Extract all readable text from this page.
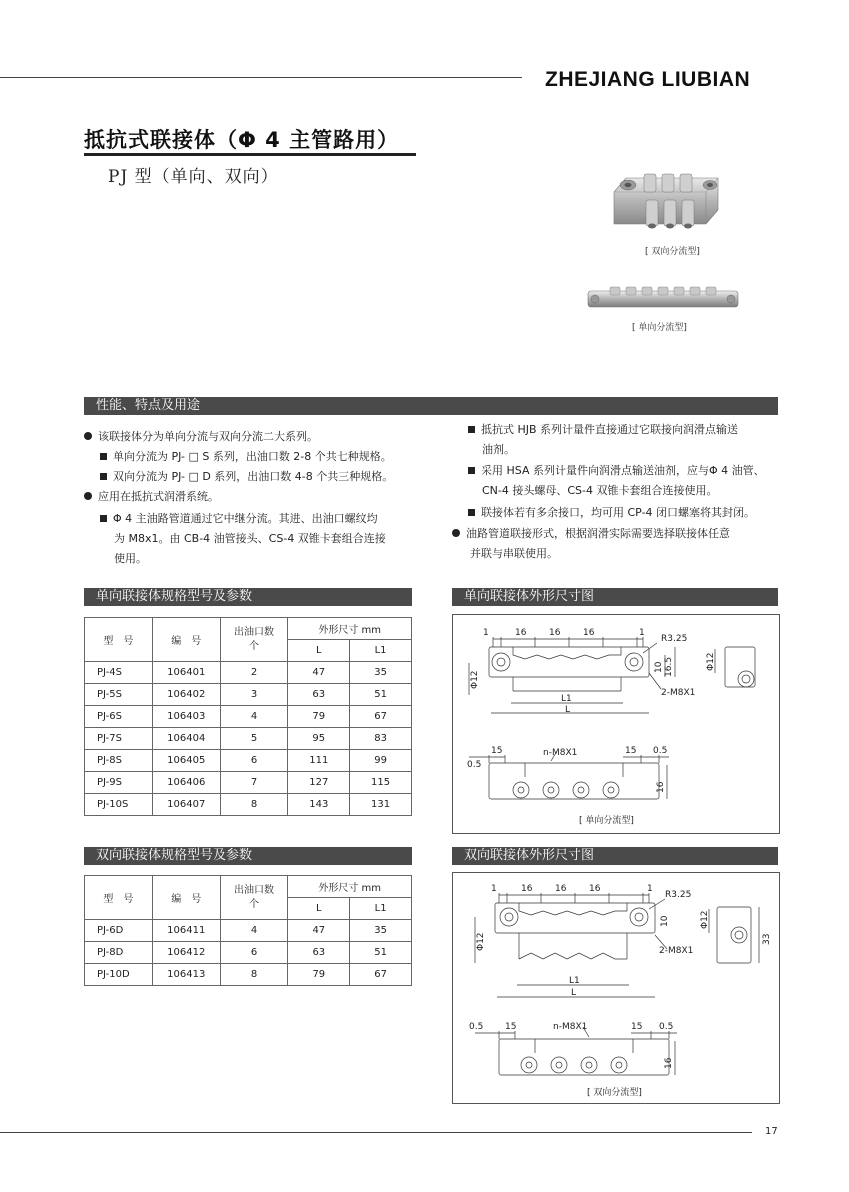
ZHEJIANG LIUBIAN
抵抗式联接体（Φ 4 主管路用）
PJ 型（单向、双向）
[ 双向分流型]
[ 单向分流型]
性能、特点及用途
该联接体分为单向分流与双向分流二大系列。
单向分流为 PJ- □ S 系列，出油口数 2-8 个共七种规格。
双向分流为 PJ- □ D 系列，出油口数 4-8 个共三种规格。
应用在抵抗式润滑系统。
Φ 4 主油路管道通过它中继分流。其进、出油口螺纹均
为 M8x1。由 CB-4 油管接头、CS-4 双锥卡套组合连接
使用。
抵抗式 HJB 系列计量件直接通过它联接向润滑点输送
油剂。
采用 HSA 系列计量件向润滑点输送油剂，应与Φ 4 油管、
CN-4 接头螺母、CS-4 双锥卡套组合连接使用。
联接体若有多余接口，均可用 CP-4 闭口螺塞将其封闭。
油路管道联接形式，根据润滑实际需要选择联接体任意
并联与串联使用。
单向联接体规格型号及参数
型　号	编　号	出油口数
个	外形尺寸 mm	
			L	L1
PJ-4S	106401	2	47	35
PJ-5S	106402	3	63	51
PJ-6S	106403	4	79	67
PJ-7S	106404	5	95	83
PJ-8S	106405	6	111	99
PJ-9S	106406	7	127	115
PJ-10S	106407	8	143	131
双向联接体规格型号及参数
型　号	编　号	出油口数
个	外形尺寸 mm	
			L	L1
PJ-6D	106411	4	47	35
PJ-8D	106412	6	63	51
PJ-10D	106413	8	79	67
单向联接体外形尺寸图
1	16	16	16	1
R3.25
2-M8X1
L1
L
0.5
15	n-M8X1	15 0.5
[ 单向分流型]
Φ12
10 16.5	Φ12
16
双向联接体外形尺寸图
1	16	16	16	1
R3.25
2-M8X1
L1
L
0.5 15	n-M8X1	15 0.5
[ 双向分流型]
Φ12
10	Φ12
33
16
17
